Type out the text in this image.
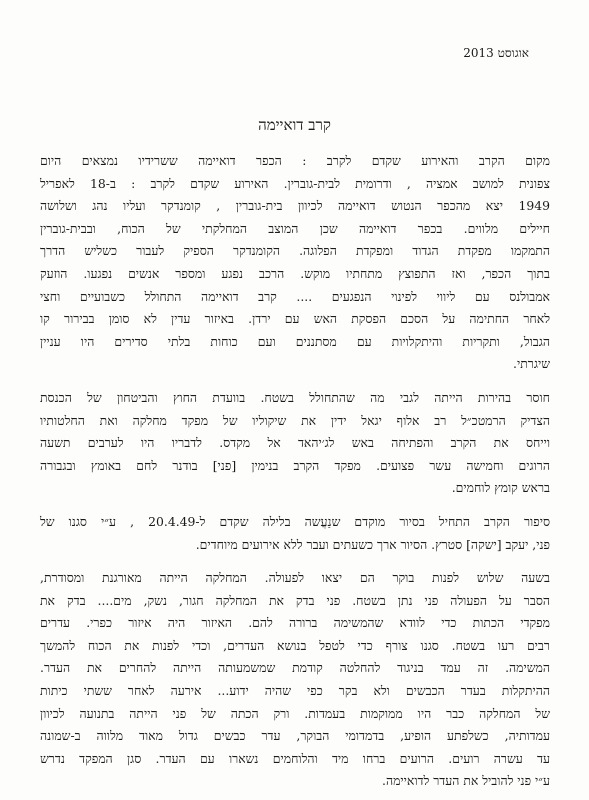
אוגוסט 2013
קרב דואיימה
מקום הקרב והאירוע שקדם לקרב : הכפר דואיימה ששרידיו נמצאים היום
צפונית למושב אמציה , ודרומית לבית-גוברין. האירוע שקדם לקרב : ב-18 לאפריל
1949 יצא מהכפר הנטוש דואיימה לכיוון בית-גוברין , קומנדקר ועליו נהג ושלושה
חיילים מלווים. בכפר דואיימה שכן המוצב המחלקתי של הכוח, ובבית-גוברין
התמקמו מפקדת הגדוד ומפקדת הפלוגה. הקומנדקר הספיק לעבור כשליש הדרך
בתוך הכפר, ואז התפוצץ מתחתיו מוקש. הרכב נפגע ומספר אנשים נפגעו. הוזעק
אמבולנס עם ליווי לפינוי הנפגעים .... קרב דואיימה התחולל כשבועיים וחצי
לאחר החתימה על הסכם הפסקת האש עם ירדן. באיזור עדין לא סומן בבירור קו
הגבול, ותקריות והיתקלויות עם מסתננים ועם כוחות בלתי סדירים היו עניין
שיגרתי.
חוסר בהירות הייתה לגבי מה שהתחולל בשטח. בוועדת החוץ והביטחון של הכנסת
הצדיק הרמטכ״ל רב אלוף יגאל ידין את שיקוליו של מפקד מחלקה ואת החלטותיו
וייחס את הקרב והפתיחה באש לג׳יהאד אל מקדס. לדבריו היו לערבים תשעה
הרוגים וחמישה עשר פצועים. מפקד הקרב בנימין [פני] בודנר לחם באומץ ובגבורה
בראש קומץ לוחמים.
סיפור הקרב התחיל בסיור מוקדם שנַעֲשה בלילה שקדם ל-20.4.49 , ע״י סגנו של
פני, יעקב [ישקה] סטרץ. הסיור ארך כשעתים ועבר ללא אירועים מיוחדים.
בשעה שלוש לפנות בוקר הם יצאו לפעולה. המחלקה הייתה מאורגנת ומסודרת,
הסבר על הפעולה פני נתן בשטח. פני בדק את המחלקה חגור, נשק, מים.... בדק את
מפקדי הכתות כדי לוודא שהמשימה ברורה להם. האיזור היה איזור כפרי. עדרים
רבים רעו בשטח. סגנו צורף כדי לטפל בנושא העדרים, וכדי לפנות את הכוח להמשך
המשימה. זה עמד בניגוד להחלטה קודמת שמשמעותה הייתה להחרים את העדר.
ההיתקלות בעדר הכבשים ולא בקר כפי שהיה ידוע... אירעה לאחר ששתי כיתות
של המחלקה כבר היו ממוקמות בעמדות. ורק הכתה של פני הייתה בתנועה לכיוון
עמדותיה, כשלפתע הופיע, בדמדומי הבוקר, עדר כבשים גדול מאוד מלווה ב-שמונה
עד עשרה רועים. הרועים ברחו מיד והלוחמים נשארו עם העדר. סגן המפקד נדרש
ע״י פני להוביל את העדר לדואיימה.
